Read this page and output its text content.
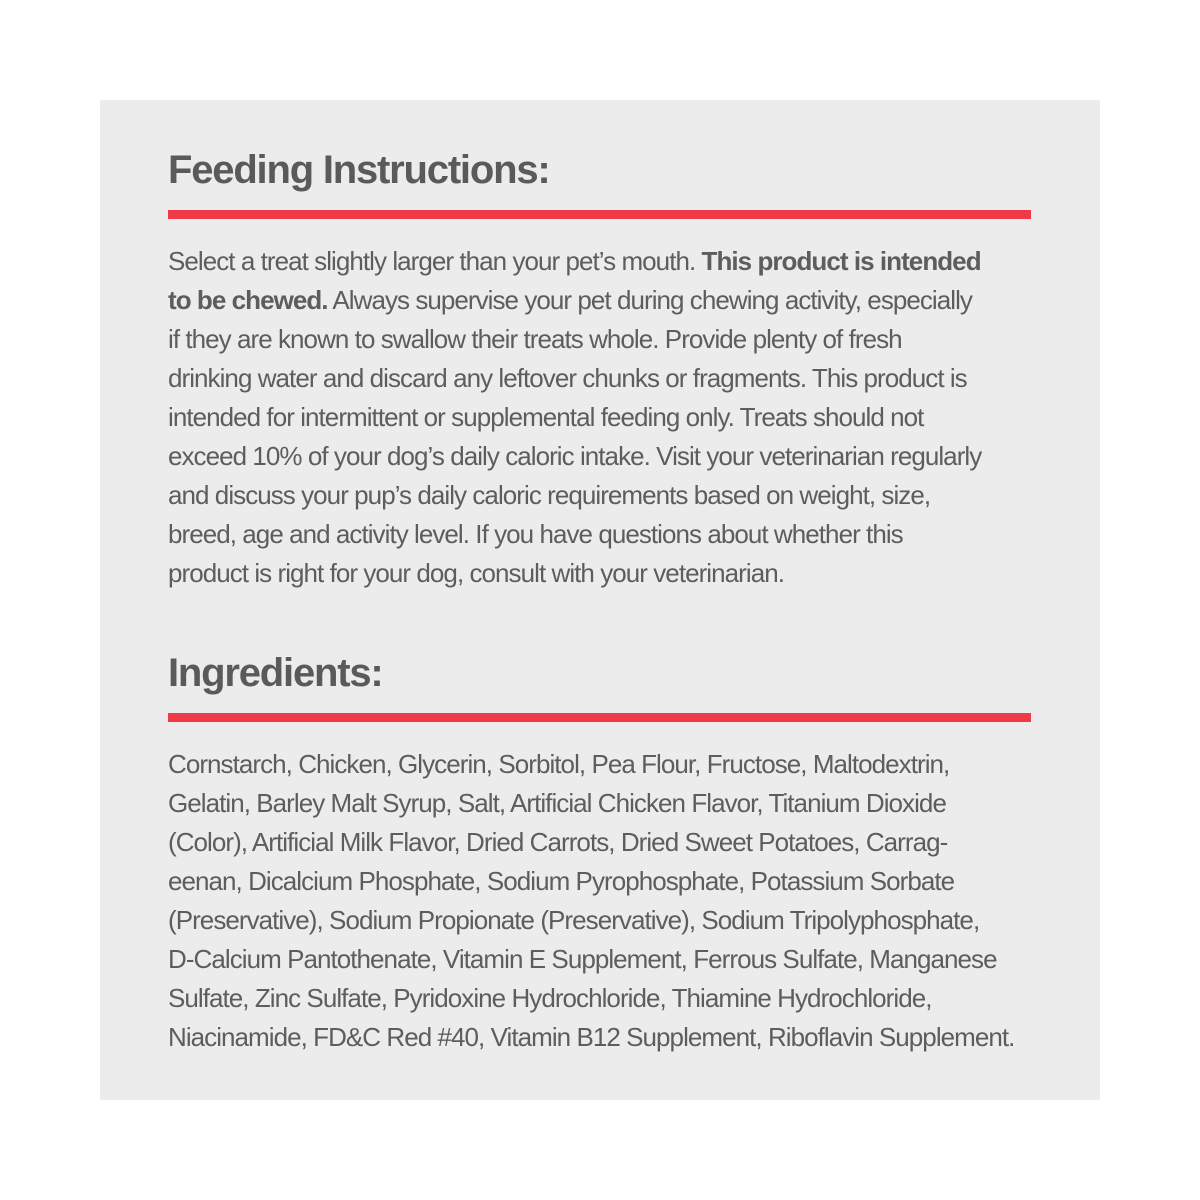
Feeding Instructions:

Select a treat slightly larger than your pet’s mouth. This product is intended
to be chewed. Always supervise your pet during chewing activity, especially
if they are known to swallow their treats whole. Provide plenty of fresh
drinking water and discard any leftover chunks or fragments. This product is
intended for intermittent or supplemental feeding only. Treats should not
exceed 10% of your dog’s daily caloric intake. Visit your veterinarian regularly
and discuss your pup’s daily caloric requirements based on weight, size,
breed, age and activity level. If you have questions about whether this
product is right for your dog, consult with your veterinarian.

Ingredients:

Cornstarch, Chicken, Glycerin, Sorbitol, Pea Flour, Fructose, Maltodextrin,
Gelatin, Barley Malt Syrup, Salt, Artificial Chicken Flavor, Titanium Dioxide
(Color), Artificial Milk Flavor, Dried Carrots, Dried Sweet Potatoes, Carrag-
eenan, Dicalcium Phosphate, Sodium Pyrophosphate, Potassium Sorbate
(Preservative), Sodium Propionate (Preservative), Sodium Tripolyphosphate,
D-Calcium Pantothenate, Vitamin E Supplement, Ferrous Sulfate, Manganese
Sulfate, Zinc Sulfate, Pyridoxine Hydrochloride, Thiamine Hydrochloride,
Niacinamide, FD&C Red #40, Vitamin B12 Supplement, Riboflavin Supplement.
